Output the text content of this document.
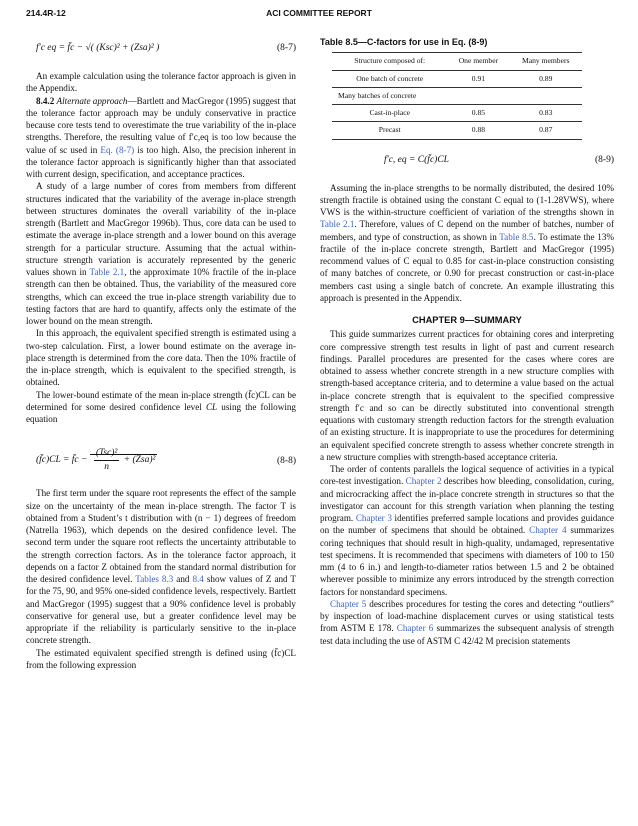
214.4R-12	ACI COMMITTEE REPORT
f′c eq = f̄c − √( (Ksc)² + (Zsa)² )	(8-7)

An example calculation using the tolerance factor approach is given in the Appendix.

8.4.2 Alternate approach—Bartlett and MacGregor (1995) suggest that the tolerance factor approach may be unduly conservative in practice because core tests tend to overestimate the true variability of the in-place strengths. Therefore, the resulting value of f′c,eq is too low because the value of sc used in Eq. (8-7) is too high. Also, the precision inherent in the tolerance factor approach is significantly higher than that associated with current design, specification, and acceptance practices.

A study of a large number of cores from members from different structures indicated that the variability of the average in-place strength between structures dominates the overall variability of the in-place strength (Bartlett and MacGregor 1996b). Thus, core data can be used to estimate the average in-place strength and a lower bound on this average strength for a particular structure. Assuming that the actual within-structure strength variation is accurately represented by the generic values shown in Table 2.1, the approximate 10% fractile of the in-place strength can then be obtained. Thus, the variability of the measured core strengths, which can exceed the true in-place strength variability due to testing factors that are hard to quantify, affects only the estimate of the lower bound on the mean strength.

In this approach, the equivalent specified strength is estimated using a two-step calculation. First, a lower bound estimate on the average in-place strength is determined from the core data. Then the 10% fractile of the in-place strength, which is equivalent to the specified strength, is obtained.

The lower-bound estimate of the mean in-place strength (f̄c)CL can be determined for some desired confidence level CL using the following equation

(f̄c)CL = f̄c − $\frac{\text{(Tsc)²}}{n} + (Zsa)^2$	(8-8)

The first term under the square root represents the effect of the sample size on the uncertainty of the mean in-place strength. The factor T is obtained from a Student’s t distribution with (n − 1) degrees of freedom (Natrella 1963), which depends on the desired confidence level. The second term under the square root reflects the uncertainty attributable to the strength correction factors. As in the tolerance factor approach, it depends on a factor Z obtained from the standard normal distribution for the desired confidence level. Tables 8.3 and 8.4 show values of Z and T for the 75, 90, and 95% one-sided confidence levels, respectively. Bartlett and MacGregor (1995) suggest that a 90% confidence level is probably conservative for general use, but a greater confidence level may be appropriate if the reliability is particularly sensitive to the in-place concrete strength.

The estimated equivalent specified strength is defined using (f̄c)CL from the following expression

Table 8.5—C-factors for use in Eq. (8-9)
Structure composed of:	One member	Many members
One batch of concrete	0.91	0.89
Many batches of concrete		
Cast-in-place	0.85	0.83
Precast	0.88	0.87
f′c, eq = C(f̄c)CL	(8-9)

Assuming the in-place strengths to be normally distributed, the desired 10% strength fractile is obtained using the constant C equal to (1-1.28VWS), where VWS is the within-structure coefficient of variation of the strengths shown in Table 2.1. Therefore, values of C depend on the number of batches, number of members, and type of construction, as shown in Table 8.5. To estimate the 13% fractile of the in-place concrete strength, Bartlett and MacGregor (1995) recommend values of C equal to 0.85 for cast-in-place construction consisting of many batches of concrete, or 0.90 for precast construction or cast-in-place members cast using a single batch of concrete. An example illustrating this approach is presented in the Appendix.

CHAPTER 9—SUMMARY

This guide summarizes current practices for obtaining cores and interpreting core compressive strength test results in light of past and current research findings. Parallel procedures are presented for the cases where cores are obtained to assess whether concrete strength in a new structure complies with strength-based acceptance criteria, and to determine a value based on the actual in-place concrete strength that is equivalent to the specified compressive strength f′c and so can be directly substituted into conventional strength equations with customary strength reduction factors for the strength evaluation of an existing structure. It is inappropriate to use the procedures for determining an equivalent specified concrete strength to assess whether concrete strength in a new structure complies with strength-based acceptance criteria.

The order of contents parallels the logical sequence of activities in a typical core-test investigation. Chapter 2 describes how bleeding, consolidation, curing, and microcracking affect the in-place concrete strength in structures so that the investigator can account for this strength variation when planning the testing program. Chapter 3 identifies preferred sample locations and provides guidance on the number of specimens that should be obtained. Chapter 4 summarizes coring techniques that should result in high-quality, undamaged, representative test specimens. It is recommended that specimens with diameters of 100 to 150 mm (4 to 6 in.) and length-to-diameter ratios between 1.5 and 2 be obtained wherever possible to minimize any errors introduced by the strength correction factors for nonstandard specimens.

Chapter 5 describes procedures for testing the cores and detecting “outliers” by inspection of load-machine displacement curves or using statistical tests from ASTM E 178. Chapter 6 summarizes the subsequent analysis of strength test data including the use of ASTM C 42/42 M precision statements
